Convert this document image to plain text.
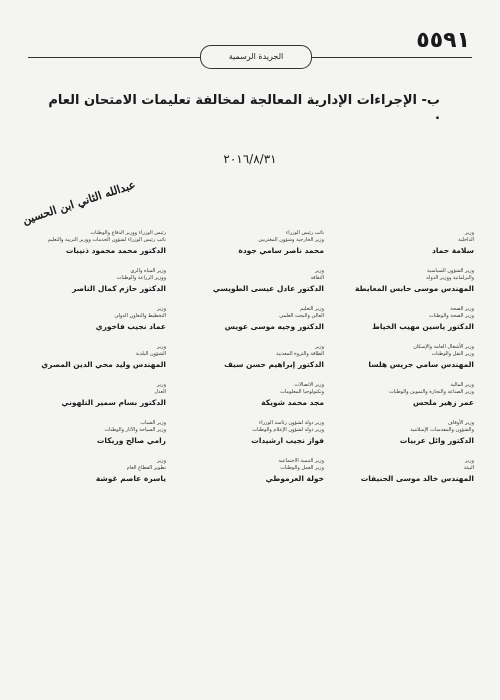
٥٥٩١
الجريدة الرسمية
ب- الإجراءات الإدارية المعالجة لمخالفة تعليمات الامتحان العام .
٢٠١٦/٨/٣١
عبدالله الثاني ابن الحسين
وزير
الداخلية
سلامة حماد
نائب رئيس الوزراء
وزير الخارجية وشؤون المغتربين
محمد ناصر سامي جودة
رئيس الوزراء ووزير الدفاع والوطنات
نائب رئيس الوزراء لشؤون الخدمات ووزير التربية والتعليم
الدكتور محمد محمود ذنيبات
وزير الشؤون السياسية
والبرلمانية ووزير الدولة
المهندس موسى حابس المعايطة
وزير
الثقافة
الدكتور عادل عيسى الطويسي
وزير المياه والري
ووزير الزراعة والوطنات
الدكتور حازم كمال الناصر
وزير الصحة
وزير الصحة والوطنات
الدكتور ياسين مهيب الخياط
وزير التعليم
العالي والبحث العلمي
الدكتور وجيه موسى عويس
وزير
التخطيط والتعاون الدولي
عماد نجيب فاخوري
وزير الأشغال العامة والإسكان
وزير النقل والوطنات
المهندس سامي جريس هلسا
وزير
الطاقة والثروة المعدنية
الدكتور إبراهيم حسن سيف
وزير
الشؤون البلدية
المهندس وليد محي الدين المصري
وزير المالية
وزير الصناعة والتجارة والتموين والوطنات
عمر زهير ملحس
وزير الاتصالات
وتكنولوجيا المعلومات
مجد محمد شويكة
وزير
العدل
الدكتور بسام سمير التلهوني
وزير الأوقاف
والشؤون والمقدسات الإسلامية
الدكتور وائل عربيات
وزير دولة لشؤون رئاسة الوزراء
وزير دولة لشؤون الإعلام والوطنات
فواز نجيب ارشيدات
وزير الشباب
وزير السياحة والآثار والوطنات
رامي صالح وريكات
وزير
البيئة
المهندس خالد موسى الحنيفات
وزير التنمية الاجتماعية
وزير العمل والوطنات
خولة العرموطي
وزير
تطوير القطاع العام
ياسرة عاصم غوشة
